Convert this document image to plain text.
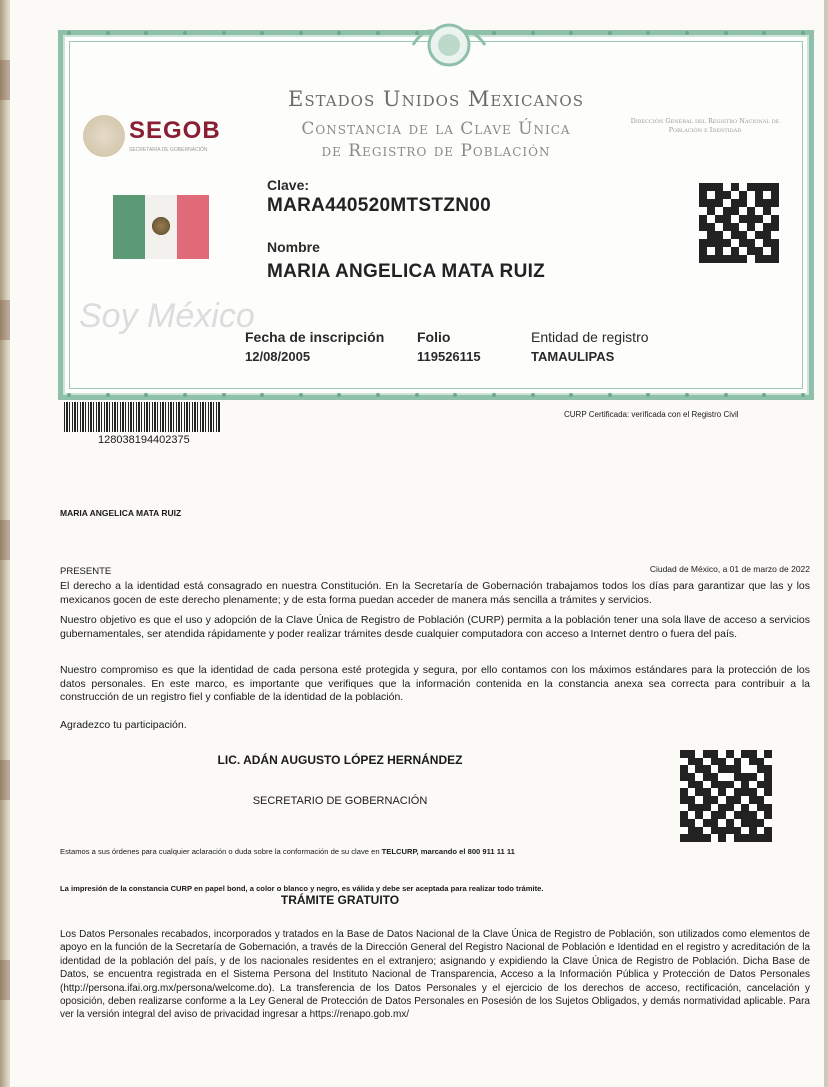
Estados Unidos Mexicanos
Constancia de la Clave Única
de Registro de Población
SEGOB
SECRETARÍA DE GOBERNACIÓN
Dirección General del Registro Nacional de Población e Identidad
Soy México
Clave:
MARA440520MTSTZN00
Nombre
MARIA ANGELICA MATA RUIZ
Fecha de inscripción
12/08/2005
Folio
119526115
Entidad de registro
TAMAULIPAS
128038194402375
CURP Certificada: verificada con el Registro Civil
MARIA ANGELICA MATA RUIZ
PRESENTE	Ciudad de México, a 01 de marzo de 2022
El derecho a la identidad está consagrado en nuestra Constitución. En la Secretaría de Gobernación trabajamos todos los días para garantizar que las y los mexicanos gocen de este derecho plenamente; y de esta forma puedan acceder de manera más sencilla a trámites y servicios.
Nuestro objetivo es que el uso y adopción de la Clave Única de Registro de Población (CURP) permita a la población tener una sola llave de acceso a servicios gubernamentales, ser atendida rápidamente y poder realizar trámites desde cualquier computadora con acceso a Internet dentro o fuera del país.
Nuestro compromiso es que la identidad de cada persona esté protegida y segura, por ello contamos con los máximos estándares para la protección de los datos personales. En este marco, es importante que verifiques que la información contenida en la constancia anexa sea correcta para contribuir a la construcción de un registro fiel y confiable de la identidad de la población.
Agradezco tu participación.
LIC. ADÁN AUGUSTO LÓPEZ HERNÁNDEZ
SECRETARIO DE GOBERNACIÓN
Estamos a sus órdenes para cualquier aclaración o duda sobre la conformación de su clave en TELCURP, marcando el 800 911 11 11
La impresión de la constancia CURP en papel bond, a color o blanco y negro, es válida y debe ser aceptada para realizar todo trámite.
TRÁMITE GRATUITO
Los Datos Personales recabados, incorporados y tratados en la Base de Datos Nacional de la Clave Única de Registro de Población, son utilizados como elementos de apoyo en la función de la Secretaría de Gobernación, a través de la Dirección General del Registro Nacional de Población e Identidad en el registro y acreditación de la identidad de la población del país, y de los nacionales residentes en el extranjero; asignando y expidiendo la Clave Única de Registro de Población. Dicha Base de Datos, se encuentra registrada en el Sistema Persona del Instituto Nacional de Transparencia, Acceso a la Información Pública y Protección de Datos Personales (http://persona.ifai.org.mx/persona/welcome.do). La transferencia de los Datos Personales y el ejercicio de los derechos de acceso, rectificación, cancelación y oposición, deben realizarse conforme a la Ley General de Protección de Datos Personales en Posesión de los Sujetos Obligados, y demás normatividad aplicable. Para ver la versión integral del aviso de privacidad ingresar a https://renapo.gob.mx/
